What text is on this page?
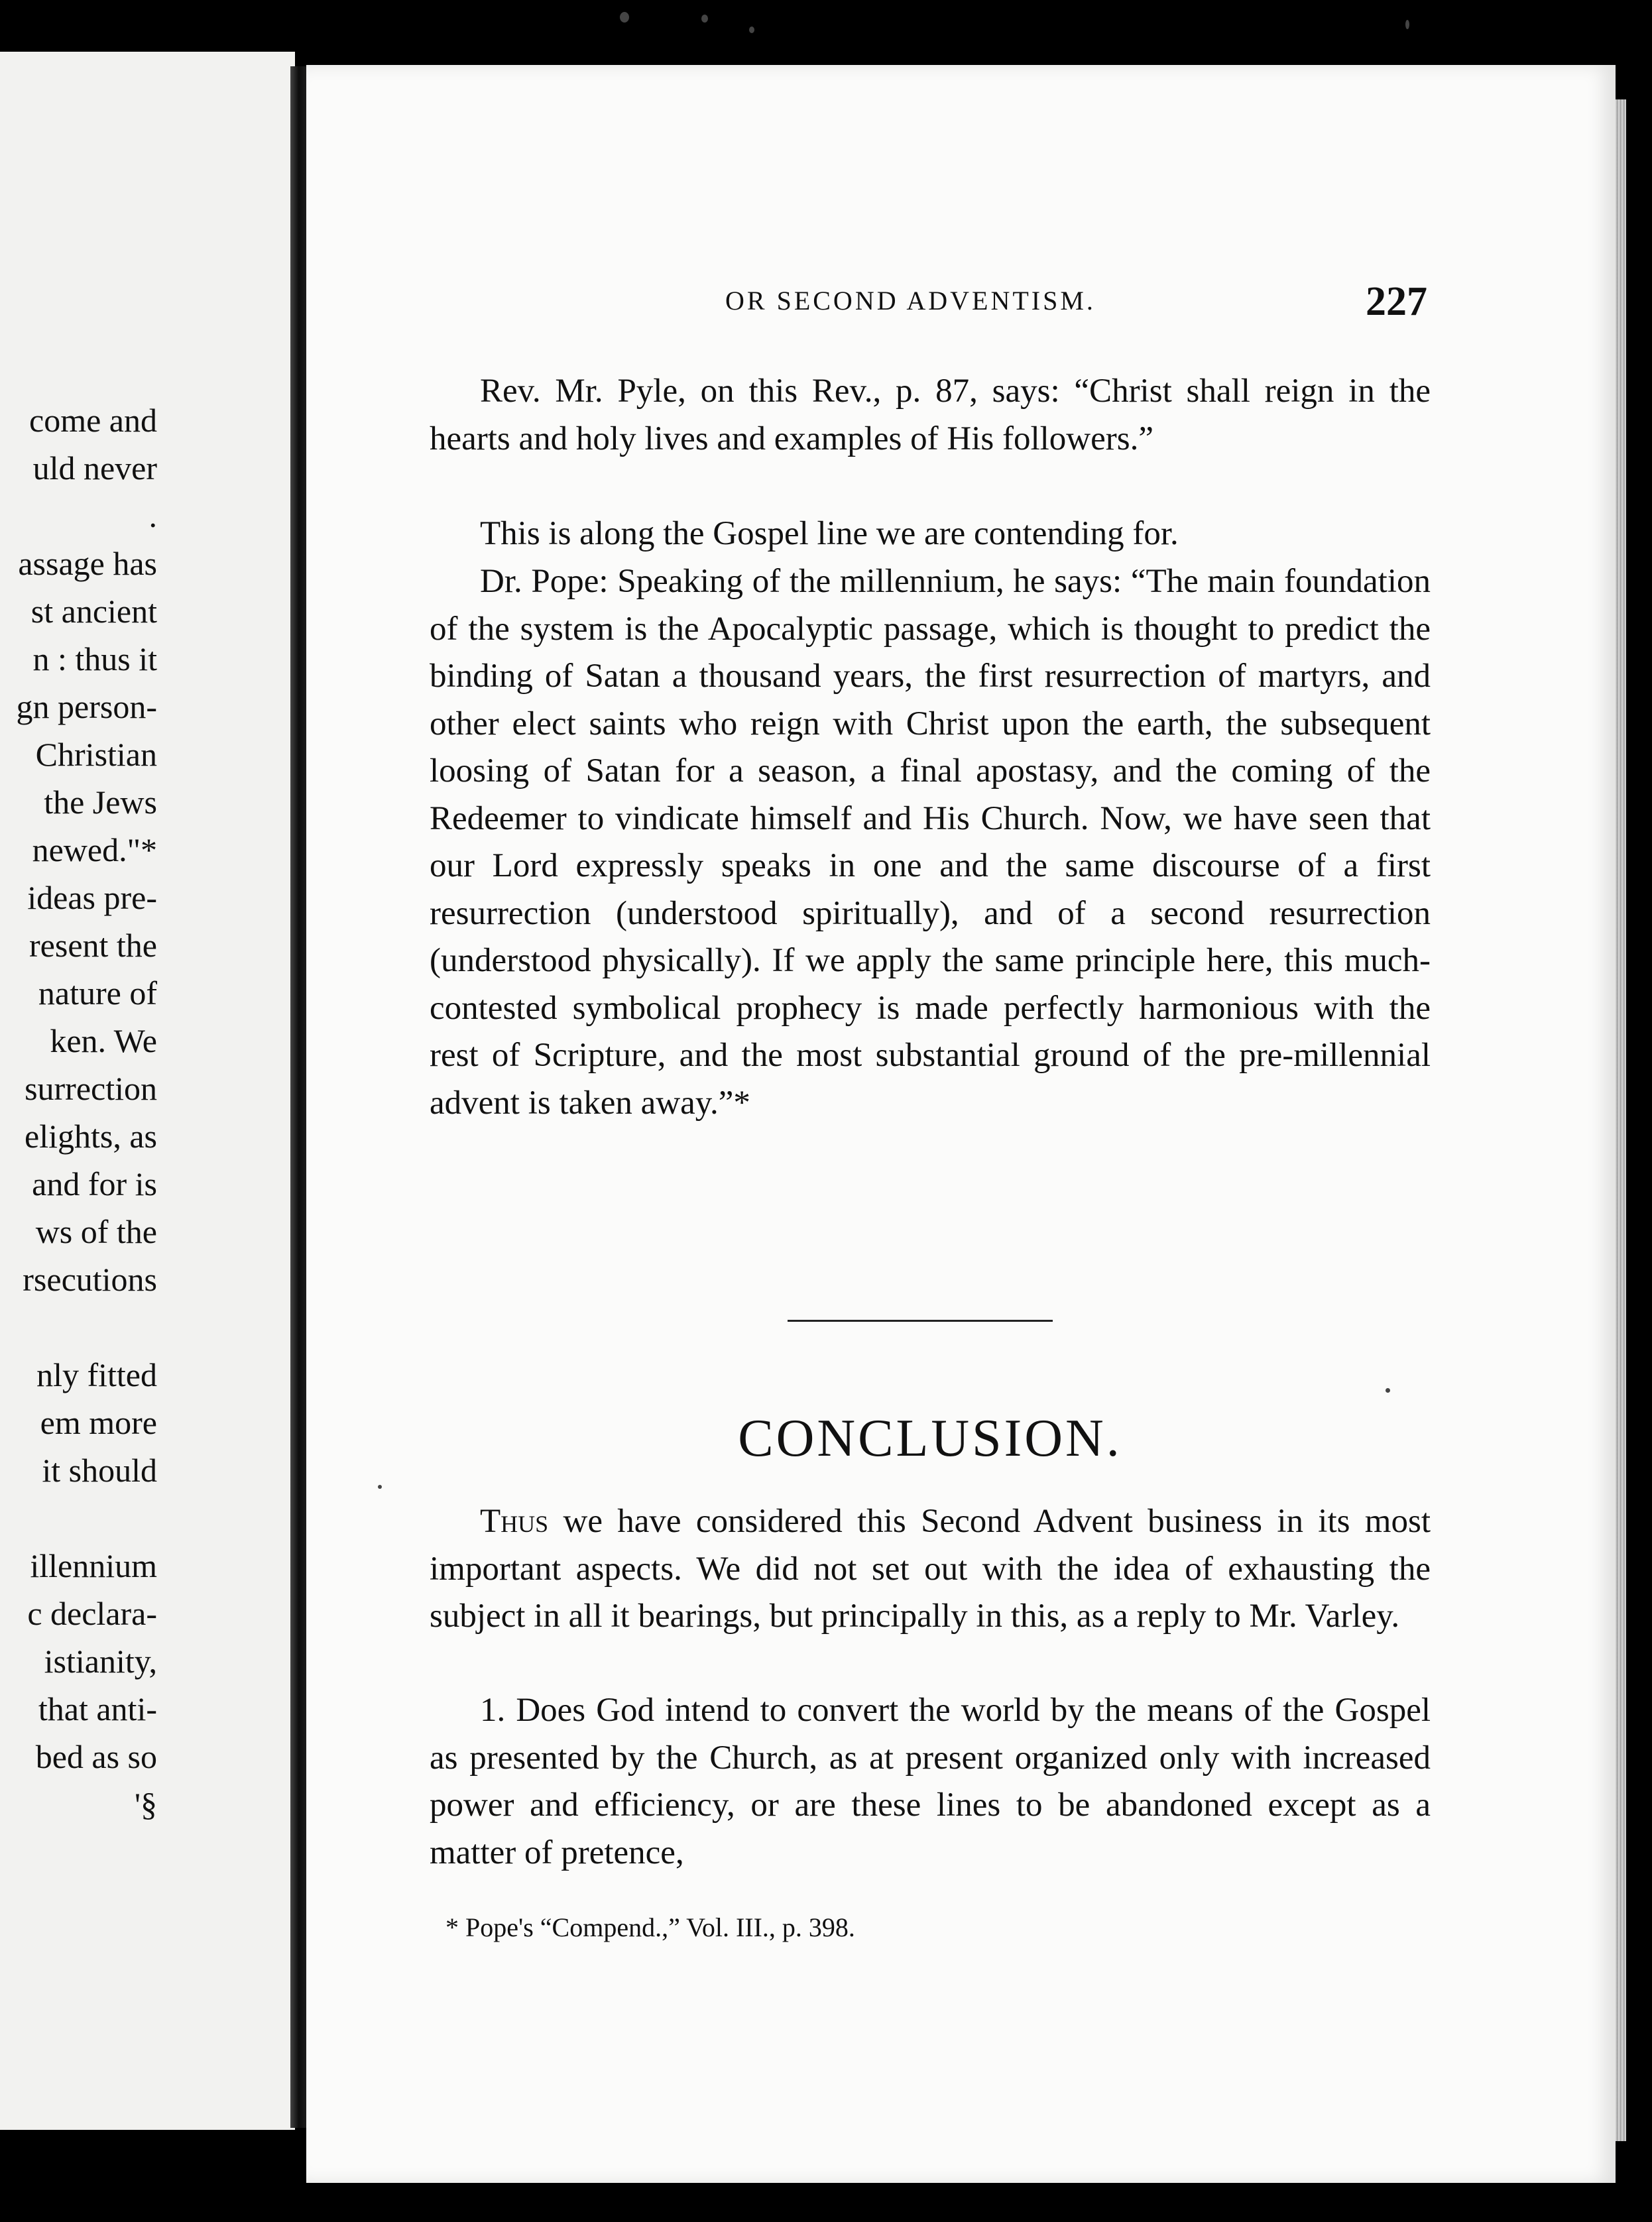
come and
uld never
.
assage has
st ancient
n : thus it
gn person-
Christian
the Jews
newed."*
ideas pre-
resent the
nature of
ken. We
surrection
elights, as
and for is
ws of the
rsecutions
nly fitted
em more
it should
illennium
c declara-
istianity,
that anti-
bed as so
'§
OR SECOND ADVENTISM.	227

Rev. Mr. Pyle, on this Rev., p. 87, says: “Christ shall reign in the hearts and holy lives and examples of His followers.”

This is along the Gospel line we are contending for.

Dr. Pope: Speaking of the millennium, he says: “The main foundation of the system is the Apocalyptic passage, which is thought to predict the binding of Satan a thousand years, the first resurrection of martyrs, and other elect saints who reign with Christ upon the earth, the subsequent loosing of Satan for a season, a final apostasy, and the coming of the Redeemer to vindicate himself and His Church. Now, we have seen that our Lord expressly speaks in one and the same discourse of a first resurrection (understood spiritually), and of a second resurrection (understood physically). If we apply the same principle here, this much-contested symbolical prophecy is made perfectly harmonious with the rest of Scripture, and the most substantial ground of the pre-millennial advent is taken away.”*

CONCLUSION.

Thus we have considered this Second Advent business in its most important aspects. We did not set out with the idea of exhausting the subject in all it bearings, but principally in this, as a reply to Mr. Varley.

1. Does God intend to convert the world by the means of the Gospel as presented by the Church, as at present organized only with increased power and efficiency, or are these lines to be abandoned except as a matter of pretence,

* Pope's “Compend.,” Vol. III., p. 398.
